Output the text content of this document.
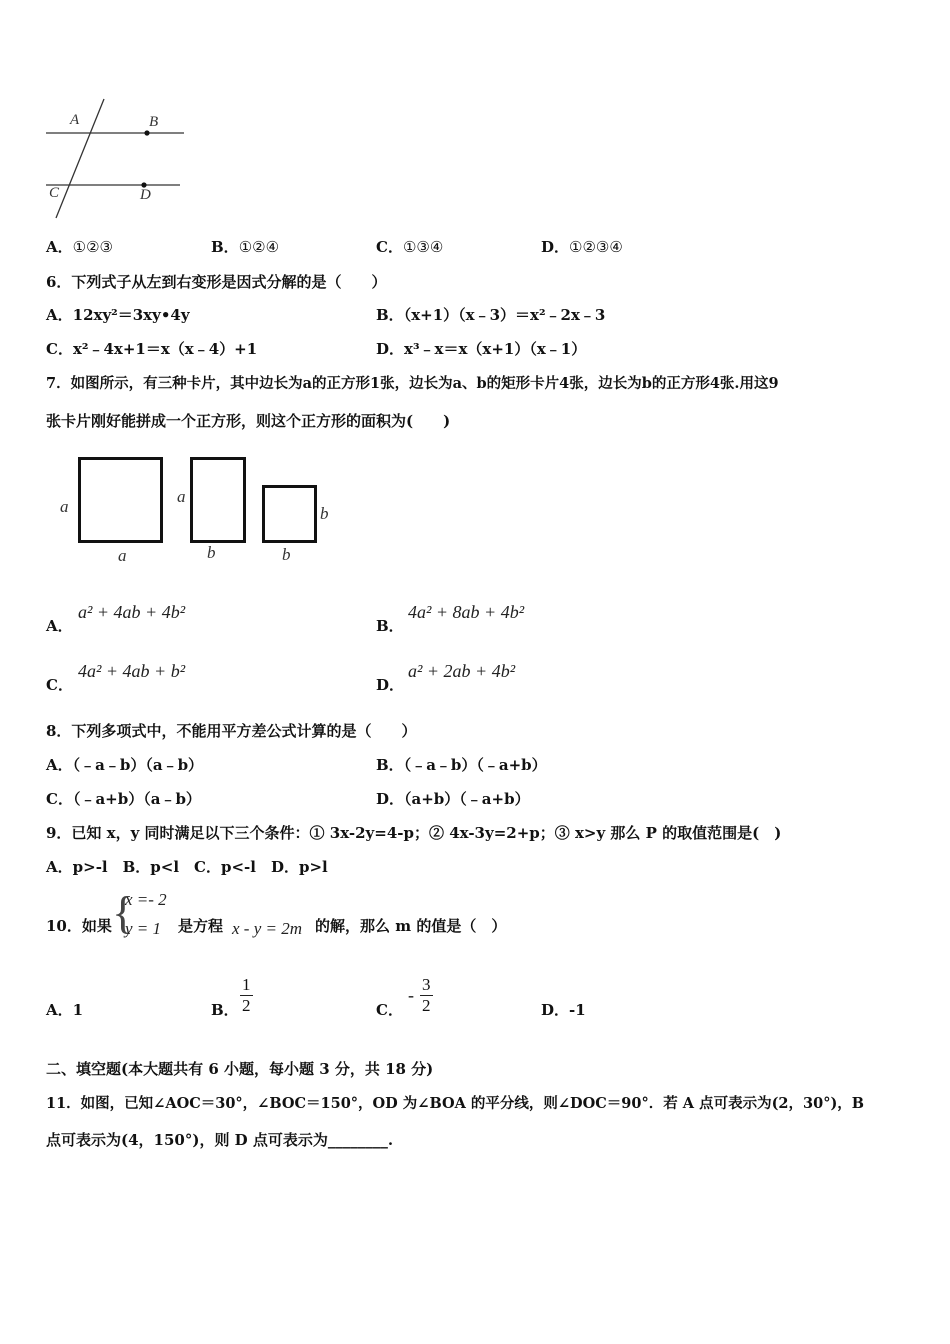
A	B
C	D
A．①②③	B．①②④	C．①③④	D．①②③④
6．下列式子从左到右变形是因式分解的是（　　）
A．12xy²＝3xy•4y	B．（x+1）（x﹣3）＝x²﹣2x﹣3
C．x²﹣4x+1＝x（x﹣4）+1	D．x³﹣x＝x（x+1）（x﹣1）
7．如图所示，有三种卡片，其中边长为a的正方形1张，边长为a、b的矩形卡片4张，边长为b的正方形4张.用这9
张卡片刚好能拼成一个正方形，则这个正方形的面积为(　　)
a
a
a
b	b
b
A．
a² + 4ab + 4b²
B．
4a² + 8ab + 4b²
C．
4a² + 4ab + b²
D．
a² + 2ab + 4b²
8．下列多项式中，不能用平方差公式计算的是（　　）
A．（﹣a﹣b）（a﹣b）	B．（﹣a﹣b）（﹣a+b）
C．（﹣a+b）（a﹣b）	D．（a+b）（﹣a+b）
9．已知 x，y 同时满足以下三个条件：① 3x-2y=4-p；② 4x-3y=2+p；③ x>y 那么 P 的取值范围是(　)
A．p>-l　B．p<l　C．p<-l　D．p>l
10．如果 {
x =- 2
y = 1 是方程 x - y = 2m 的解，那么 m 的值是（　）
A．1	B． $\frac{1}{2}$	C．
- $\frac{3}{2}$	D．-1
二、填空题(本大题共有 6 小题，每小题 3 分，共 18 分)
11．如图，已知∠AOC＝30°，∠BOC＝150°，OD 为∠BOA 的平分线，则∠DOC＝90°．若 A 点可表示为(2，30°)，B
点可表示为(4，150°)，则 D 点可表示为________.
